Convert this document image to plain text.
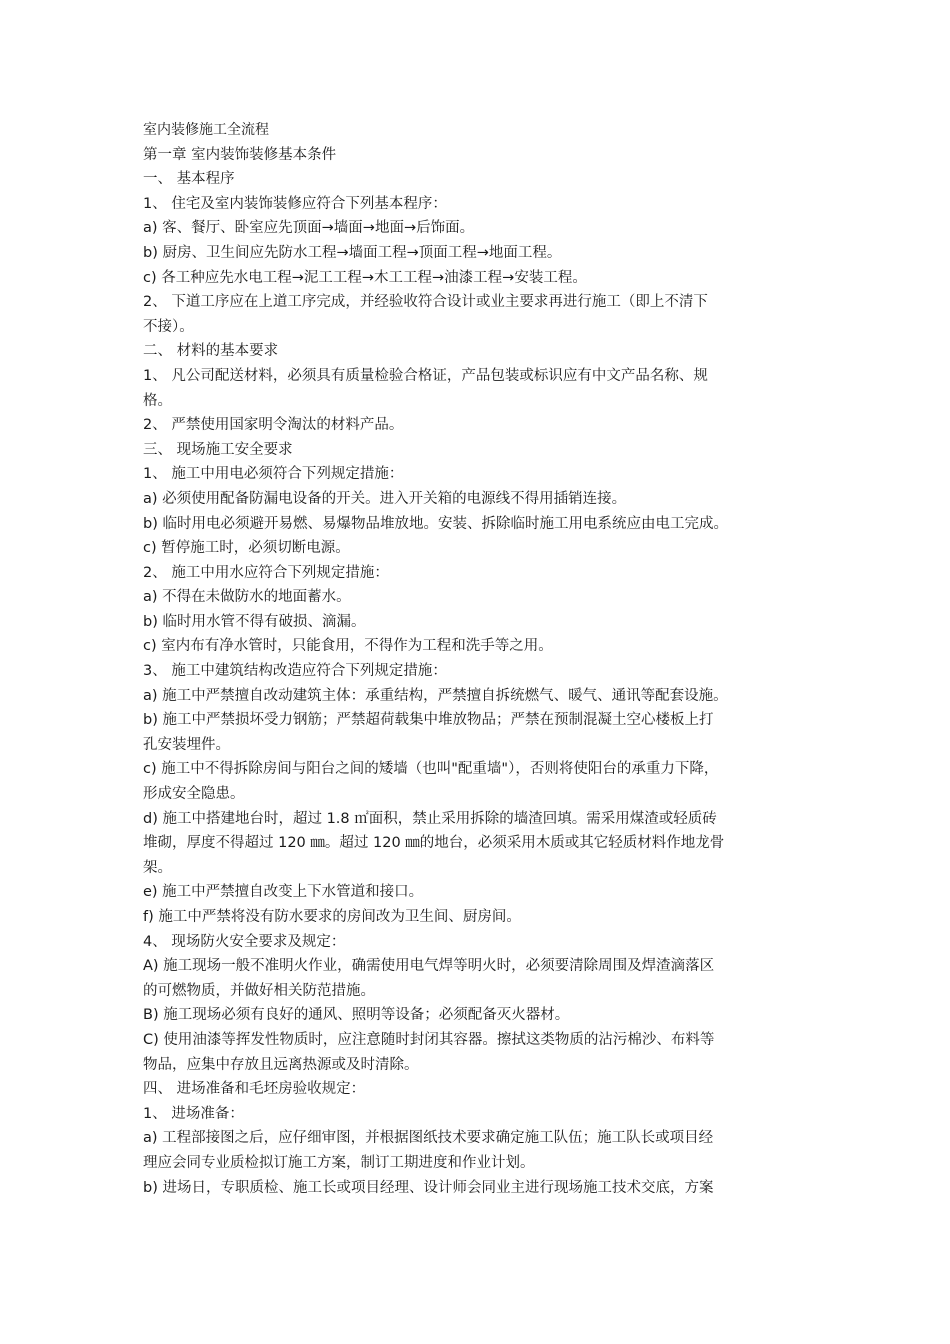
室内装修施工全流程
第一章 室内装饰装修基本条件
一、 基本程序
1、 住宅及室内装饰装修应符合下列基本程序：
a) 客、餐厅、卧室应先顶面→墙面→地面→后饰面。
b) 厨房、卫生间应先防水工程→墙面工程→顶面工程→地面工程。
c) 各工种应先水电工程→泥工工程→木工工程→油漆工程→安装工程。
2、 下道工序应在上道工序完成，并经验收符合设计或业主要求再进行施工（即上不清下
不接）。
二、 材料的基本要求
1、 凡公司配送材料，必须具有质量检验合格证，产品包装或标识应有中文产品名称、规
格。
2、 严禁使用国家明令淘汰的材料产品。
三、 现场施工安全要求
1、 施工中用电必须符合下列规定措施：
a) 必须使用配备防漏电设备的开关。进入开关箱的电源线不得用插销连接。
b) 临时用电必须避开易燃、易爆物品堆放地。安装、拆除临时施工用电系统应由电工完成。
c) 暂停施工时，必须切断电源。
2、 施工中用水应符合下列规定措施：
a) 不得在未做防水的地面蓄水。
b) 临时用水管不得有破损、滴漏。
c) 室内布有净水管时，只能食用，不得作为工程和洗手等之用。
3、 施工中建筑结构改造应符合下列规定措施：
a) 施工中严禁擅自改动建筑主体：承重结构，严禁擅自拆统燃气、暖气、通讯等配套设施。
b) 施工中严禁损坏受力钢筋；严禁超荷载集中堆放物品；严禁在预制混凝土空心楼板上打
孔安装埋件。
c) 施工中不得拆除房间与阳台之间的矮墙（也叫"配重墙"），否则将使阳台的承重力下降，
形成安全隐患。
d) 施工中搭建地台时，超过 1.8 ㎡面积，禁止采用拆除的墙渣回填。需采用煤渣或轻质砖
堆砌，厚度不得超过 120 ㎜。超过 120 ㎜的地台，必须采用木质或其它轻质材料作地龙骨
架。
e) 施工中严禁擅自改变上下水管道和接口。
f) 施工中严禁将没有防水要求的房间改为卫生间、厨房间。
4、 现场防火安全要求及规定：
A) 施工现场一般不准明火作业，确需使用电气焊等明火时，必须要清除周围及焊渣滴落区
的可燃物质，并做好相关防范措施。
B) 施工现场必须有良好的通风、照明等设备；必须配备灭火器材。
C) 使用油漆等挥发性物质时，应注意随时封闭其容器。擦拭这类物质的沾污棉沙、布料等
物品，应集中存放且远离热源或及时清除。
四、 进场准备和毛坯房验收规定：
1、 进场准备：
a) 工程部接图之后，应仔细审图，并根据图纸技术要求确定施工队伍；施工队长或项目经
理应会同专业质检拟订施工方案，制订工期进度和作业计划。
b) 进场日，专职质检、施工长或项目经理、设计师会同业主进行现场施工技术交底，方案
